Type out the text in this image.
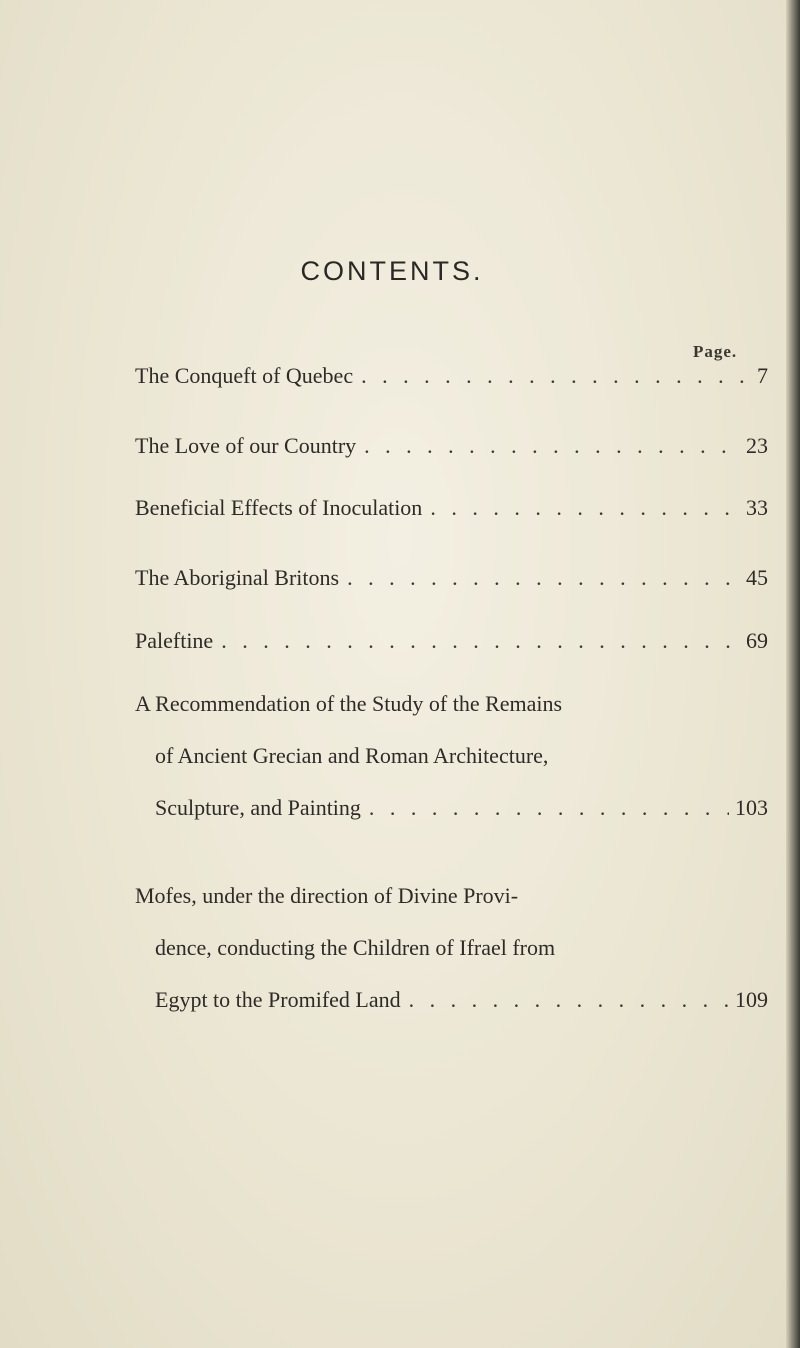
CONTENTS.
Page.
The Conqueft of Quebec . . .	7
The Love of our Country . . .	23
Beneficial Effects of Inoculation . . .	33
The Aboriginal Britons . . .	45
Paleftine . . .	69
A Recommendation of the Study of the Remains
of Ancient Grecian and Roman Architecture,
Sculpture, and Painting . . .	103
Mofes, under the direction of Divine Provi-
dence, conducting the Children of Ifrael from
Egypt to the Promifed Land . . .	109
